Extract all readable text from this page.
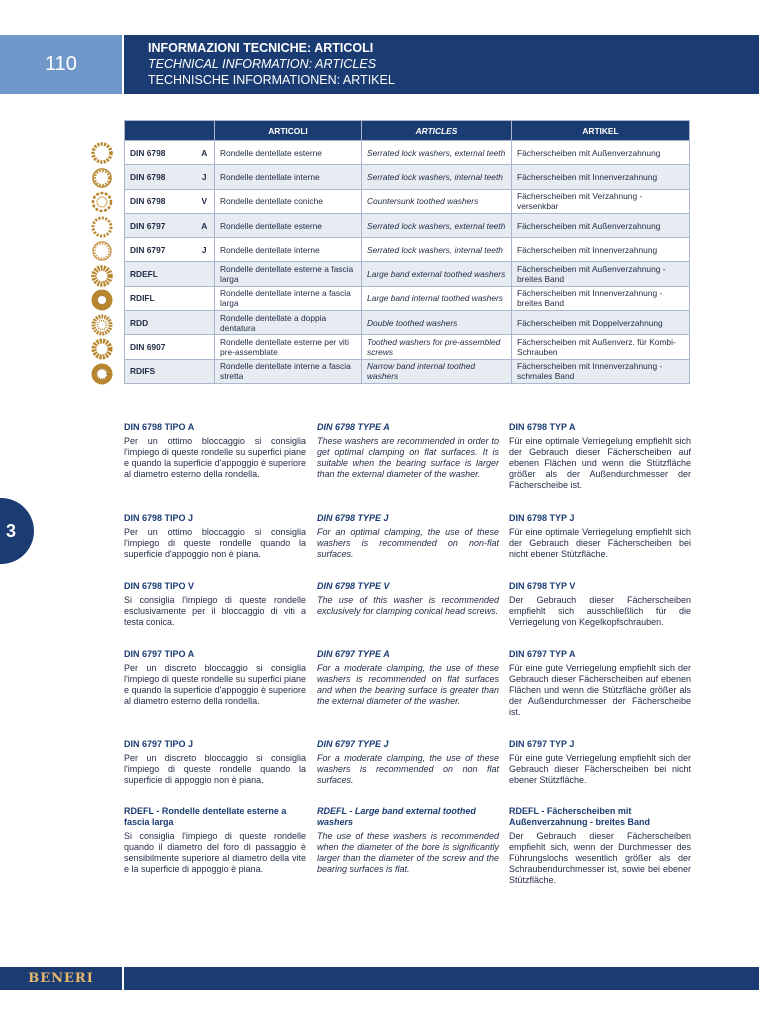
110
INFORMAZIONI TECNICHE: ARTICOLI
TECHNICAL INFORMATION: ARTICLES
TECHNISCHE INFORMATIONEN: ARTIKEL
3
		ARTICOLI	ARTICLES	ARTIKEL
DIN 6798	A	Rondelle dentellate esterne	Serrated lock washers, external teeth	Fächerscheiben mit Außenverzahnung
DIN 6798	J	Rondelle dentellate interne	Serrated lock washers, internal teeth	Fächerscheiben mit Innenverzahnung
DIN 6798	V	Rondelle dentellate coniche	Countersunk toothed washers	Fächerscheiben mit Verzahnung - versenkbar
DIN 6797	A	Rondelle dentellate esterne	Serrated lock washers, external teeth	Fächerscheiben mit Außenverzahnung
DIN 6797	J	Rondelle dentellate interne	Serrated lock washers, internal teeth	Fächerscheiben mit Innenverzahnung
RDEFL		Rondelle dentellate esterne a fascia larga	Large band external toothed washers	Fächerscheiben mit Außenverzahnung - breites Band
RDIFL		Rondelle dentellate interne a fascia larga	Large band internal toothed washers	Fächerscheiben mit Innenverzahnung - breites Band
RDD		Rondelle dentellate a doppia dentatura	Double toothed washers	Fächerscheiben mit Doppelverzahnung
DIN 6907		Rondelle dentellate esterne per viti pre-assemblate	Toothed washers for pre-assembled screws	Fächerscheiben mit Außenverz. für Kombi-Schrauben
RDIFS		Rondelle dentellate interne a fascia stretta	Narrow band internal toothed washers	Fächerscheiben mit Innenverzahnung - schmales Band
DIN 6798 TIPO A

Per un ottimo bloccaggio si consiglia l'impiego di queste rondelle su superfici piane e quando la superficie d'appoggio è superiore al diametro esterno della rondella.

DIN 6798 TYPE A

These washers are recommended in order to get optimal clamping on flat surfaces. It is suitable when the bearing surface is larger than the external diameter of the washer.

DIN 6798 TYP A

Für eine optimale Verriegelung empfiehlt sich der Gebrauch dieser Fächerscheiben auf ebenen Flächen und wenn die Stützfläche größer als der Außendurchmesser der Fächerscheibe ist.

DIN 6798 TIPO J

Per un ottimo bloccaggio si consiglia l'impiego di queste rondelle quando la superficie d'appoggio non è piana.

DIN 6798 TYPE J

For an optimal clamping, the use of these washers is recommended on non-flat surfaces.

DIN 6798 TYP J

Für eine optimale Verriegelung empfiehlt sich der Gebrauch dieser Fächerscheiben bei nicht ebener Stützfläche.

DIN 6798 TIPO V

Si consiglia l'impiego di queste rondelle esclusivamente per il bloccaggio di viti a testa conica.

DIN 6798 TYPE V

The use of this washer is recommended exclusively for clamping conical head screws.

DIN 6798 TYP V

Der Gebrauch dieser Fächerscheiben empfiehlt sich ausschließlich für die Verriegelung von Kegelkopfschrauben.

DIN 6797 TIPO A

Per un discreto bloccaggio si consiglia l'impiego di queste rondelle su superfici piane e quando la superficie d'appoggio è superiore al diametro esterno della rondella.

DIN 6797 TYPE A

For a moderate clamping, the use of these washers is recommended on flat surfaces and when the bearing surface is greater than the external diameter of the washer.

DIN 6797 TYP A

Für eine gute Verriegelung empfiehlt sich der Gebrauch dieser Fächerscheiben auf ebenen Flächen und wenn die Stützfläche größer als der Außendurchmesser der Fächerscheibe ist.

DIN 6797 TIPO J

Per un discreto bloccaggio si consiglia l'impiego di queste rondelle quando la superficie di appoggio non è piana.

DIN 6797 TYPE J

For a moderate clamping, the use of these washers is recommended on non flat surfaces.

DIN 6797 TYP J

Für eine gute Verriegelung empfiehlt sich der Gebrauch dieser Fächerscheiben bei nicht ebener Stützfläche.

RDEFL - Rondelle dentellate esterne a fascia larga

Si consiglia l'impiego di queste rondelle quando il diametro del foro di passaggio è sensibilmente superiore al diametro della vite e la superficie di appoggio è piana.

RDEFL - Large band external toothed washers

The use of these washers is recommended when the diameter of the bore is significantly larger than the diameter of the screw and the bearing surfaces is flat.

RDEFL - Fächerscheiben mit Außenverzahnung - breites Band

Der Gebrauch dieser Fächerscheiben empfiehlt sich, wenn der Durchmesser des Führungslochs wesentlich größer als der Schraubendurchmesser ist, sowie bei ebener Stützfläche.

BENERI
